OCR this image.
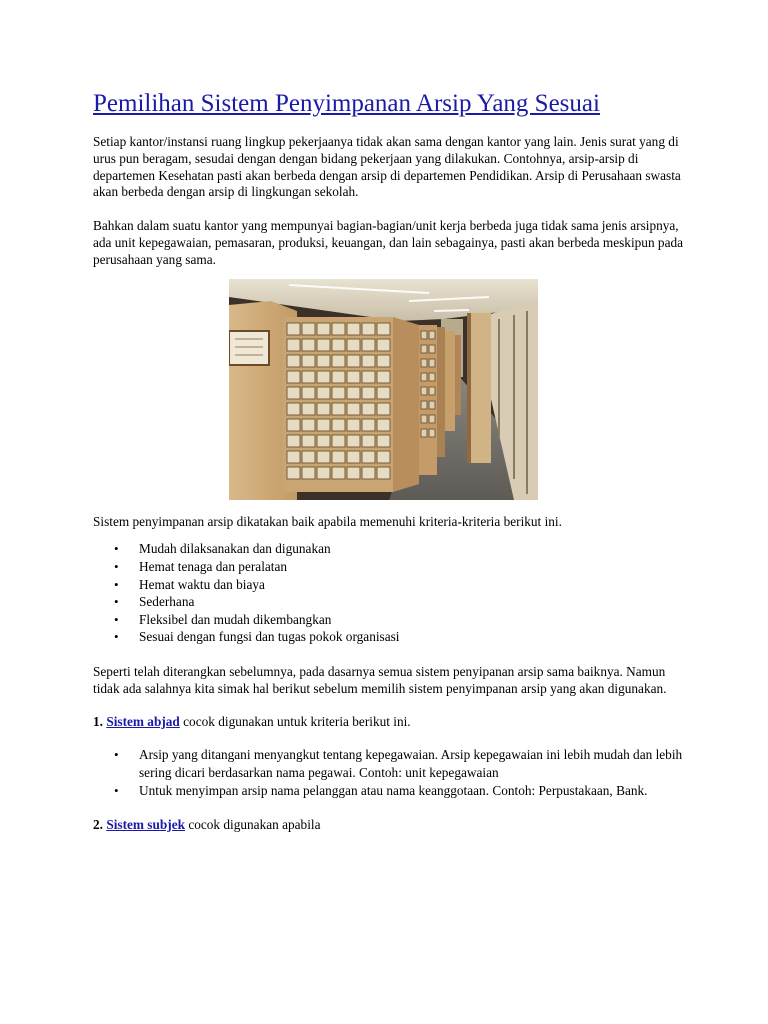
Pemilihan Sistem Penyimpanan Arsip Yang Sesuai

Setiap kantor/instansi ruang lingkup pekerjaanya tidak akan sama dengan kantor yang lain. Jenis surat yang di urus pun beragam, sesudai dengan dengan bidang pekerjaan yang dilakukan. Contohnya, arsip-arsip di departemen Kesehatan pasti akan berbeda dengan arsip di departemen Pendidikan. Arsip di Perusahaan swasta akan berbeda dengan arsip di lingkungan sekolah.

Bahkan dalam suatu kantor yang mempunyai bagian-bagian/unit kerja berbeda juga tidak sama jenis arsipnya, ada unit kepegawaian, pemasaran, produksi, keuangan, dan lain sebagainya, pasti akan berbeda meskipun pada perusahaan yang sama.

Sistem penyimpanan arsip dikatakan baik apabila memenuhi kriteria-kriteria berikut ini.

• Mudah dilaksanakan dan digunakan
• Hemat tenaga dan peralatan
• Hemat waktu dan biaya
• Sederhana
• Fleksibel dan mudah dikembangkan
• Sesuai dengan fungsi dan tugas pokok organisasi

Seperti telah diterangkan sebelumnya, pada dasarnya semua sistem penyipanan arsip sama baiknya. Namun tidak ada salahnya kita simak hal berikut sebelum memilih sistem penyimpanan arsip yang akan digunakan.

1. Sistem abjad cocok digunakan untuk kriteria berikut ini.

• Arsip yang ditangani menyangkut tentang kepegawaian. Arsip kepegawaian ini lebih mudah dan lebih sering dicari berdasarkan nama pegawai. Contoh: unit kepegawaian
• Untuk menyimpan arsip nama pelanggan atau nama keanggotaan. Contoh: Perpustakaan, Bank.

2. Sistem subjek cocok digunakan apabila
